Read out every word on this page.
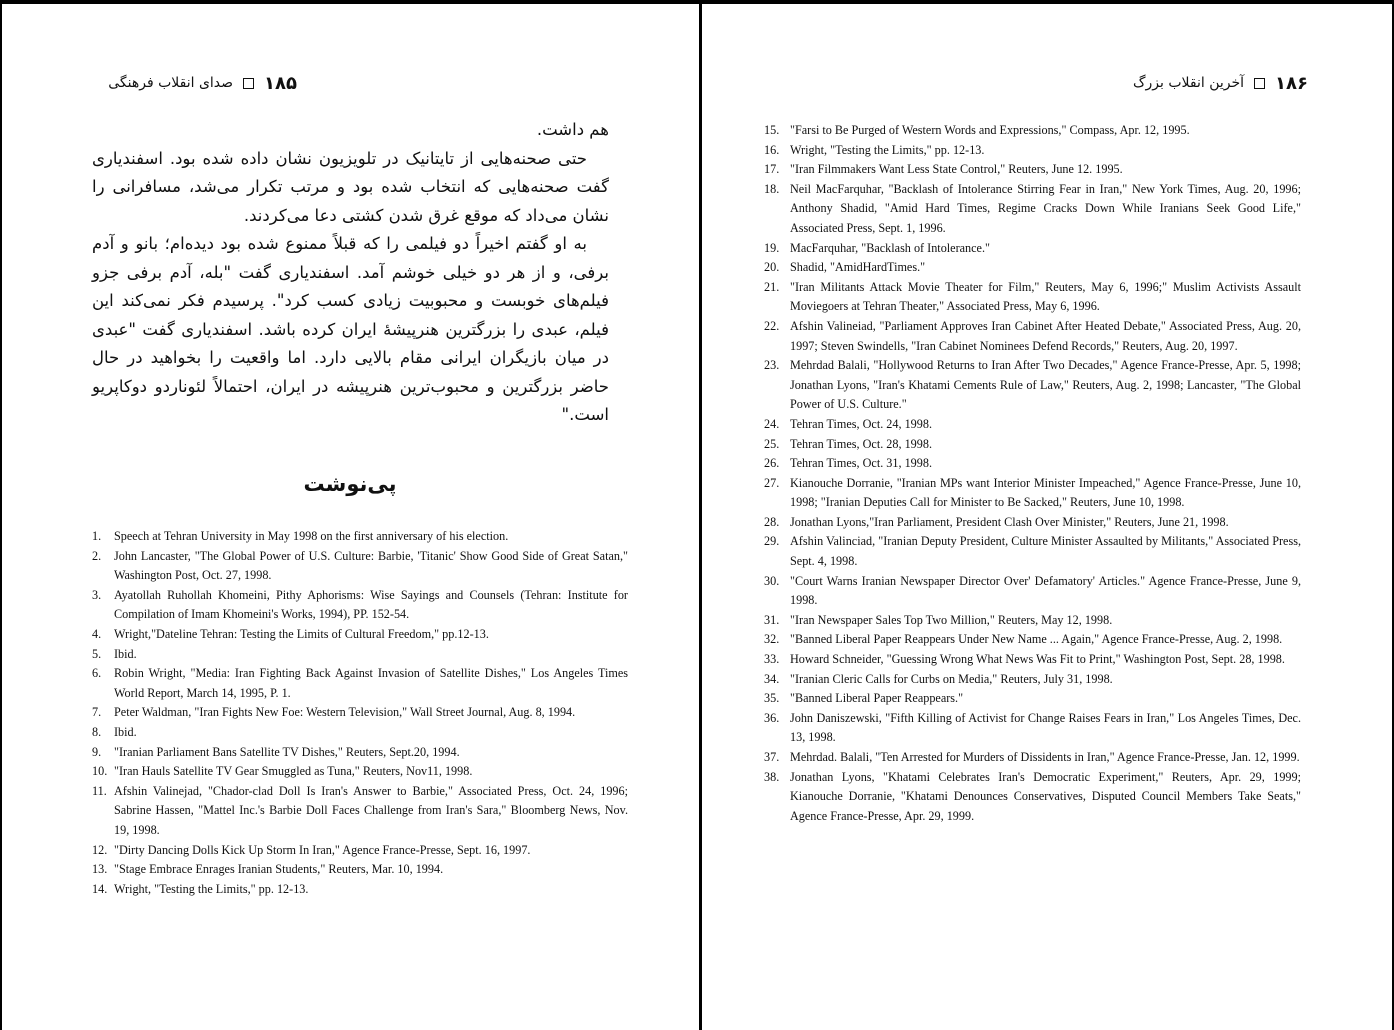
۱۸۵
صدای انقلاب فرهنگی

هم داشت.

حتی صحنه‌هایی از تایتانیک در تلویزیون نشان داده شده بود. اسفندیاری گفت صحنه‌هایی که انتخاب شده بود و مرتب تکرار می‌شد، مسافرانی را نشان می‌داد که موقع غرق شدن کشتی دعا می‌کردند.

به او گفتم اخیراً دو فیلمی را که قبلاً ممنوع شده بود دیده‌ام؛ بانو و آدم برفی، و از هر دو خیلی خوشم آمد. اسفندیاری گفت "بله، آدم برفی جزو فیلم‌های خوبست و محبوبیت زیادی کسب کرد". پرسیدم فکر نمی‌کند این فیلم، عبدی را بزرگترین هنرپیشهٔ ایران کرده باشد. اسفندیاری گفت "عبدی در میان بازیگران ایرانی مقام بالایی دارد. اما واقعیت را بخواهید در حال حاضر بزرگترین و محبوب‌ترین هنرپیشه در ایران، احتمالاً لئوناردو دوکاپریو است."

پی‌نوشت
1.	Speech at Tehran University in May 1998 on the first anniversary of his election.
2.	John Lancaster, "The Global Power of U.S. Culture: Barbie, 'Titanic' Show Good Side of Great Satan," Washington Post, Oct. 27, 1998.
3.	Ayatollah Ruhollah Khomeini, Pithy Aphorisms: Wise Sayings and Counsels (Tehran: Institute for Compilation of Imam Khomeini's Works, 1994), PP. 152-54.
4.	Wright,"Dateline Tehran: Testing the Limits of Cultural Freedom," pp.12-13.
5.	Ibid.
6.	Robin Wright, "Media: Iran Fighting Back Against Invasion of Satellite Dishes," Los Angeles Times World Report, March 14, 1995, P. 1.
7.	Peter Waldman, "Iran Fights New Foe: Western Television," Wall Street Journal, Aug. 8, 1994.
8.	Ibid.
9.	"Iranian Parliament Bans Satellite TV Dishes," Reuters, Sept.20, 1994.
10. "Iran Hauls Satellite TV Gear Smuggled as Tuna," Reuters, Nov11, 1998.
11. Afshin Valinejad, "Chador-clad Doll Is Iran's Answer to Barbie," Associated Press, Oct. 24, 1996; Sabrine Hassen, "Mattel Inc.'s Barbie Doll Faces Challenge from Iran's Sara," Bloomberg News, Nov. 19, 1998.
12. "Dirty Dancing Dolls Kick Up Storm In Iran," Agence France-Presse, Sept. 16, 1997.
13. "Stage Embrace Enrages Iranian Students," Reuters, Mar. 10, 1994.
14. Wright, "Testing the Limits," pp. 12-13.
۱۸۶
آخرین انقلاب بزرگ
15. "Farsi to Be Purged of Western Words and Expressions," Compass, Apr. 12, 1995.
16. Wright, "Testing the Limits," pp. 12-13.
17. "Iran Filmmakers Want Less State Control," Reuters, June 12. 1995.
18. Neil MacFarquhar, "Backlash of Intolerance Stirring Fear in Iran," New York Times, Aug. 20, 1996; Anthony Shadid, "Amid Hard Times, Regime Cracks Down While Iranians Seek Good Life," Associated Press, Sept. 1, 1996.
19. MacFarquhar, "Backlash of Intolerance."
20. Shadid, "AmidHardTimes."
21. "Iran Militants Attack Movie Theater for Film," Reuters, May 6, 1996;" Muslim Activists Assault Moviegoers at Tehran Theater," Associated Press, May 6, 1996.
22. Afshin Valineiad, "Parliament Approves Iran Cabinet After Heated Debate," Associated Press, Aug. 20, 1997; Steven Swindells, "Iran Cabinet Nominees Defend Records," Reuters, Aug. 20, 1997.
23. Mehrdad Balali, "Hollywood Returns to Iran After Two Decades," Agence France-Presse, Apr. 5, 1998; Jonathan Lyons, "Iran's Khatami Cements Rule of Law," Reuters, Aug. 2, 1998; Lancaster, "The Global Power of U.S. Culture."
24. Tehran Times, Oct. 24, 1998.
25. Tehran Times, Oct. 28, 1998.
26. Tehran Times, Oct. 31, 1998.
27. Kianouche Dorranie, "Iranian MPs want Interior Minister Impeached," Agence France-Presse, June 10, 1998; "Iranian Deputies Call for Minister to Be Sacked," Reuters, June 10, 1998.
28. Jonathan Lyons,"Iran Parliament, President Clash Over Minister," Reuters, June 21, 1998.
29. Afshin Valinciad, "Iranian Deputy President, Culture Minister Assaulted by Militants," Associated Press, Sept. 4, 1998.
30. "Court Warns Iranian Newspaper Director Over' Defamatory' Articles." Agence France-Presse, June 9, 1998.
31. "Iran Newspaper Sales Top Two Million," Reuters, May 12, 1998.
32. "Banned Liberal Paper Reappears Under New Name ... Again," Agence France-Presse, Aug. 2, 1998.
33. Howard Schneider, "Guessing Wrong What News Was Fit to Print," Washington Post, Sept. 28, 1998.
34. "Iranian Cleric Calls for Curbs on Media," Reuters, July 31, 1998.
35. "Banned Liberal Paper Reappears."
36. John Daniszewski, "Fifth Killing of Activist for Change Raises Fears in Iran," Los Angeles Times, Dec. 13, 1998.
37. Mehrdad. Balali, "Ten Arrested for Murders of Dissidents in Iran," Agence France-Presse, Jan. 12, 1999.
38. Jonathan Lyons, "Khatami Celebrates Iran's Democratic Experiment," Reuters, Apr. 29, 1999; Kianouche Dorranie, "Khatami Denounces Conservatives, Disputed Council Members Take Seats," Agence France-Presse, Apr. 29, 1999.
